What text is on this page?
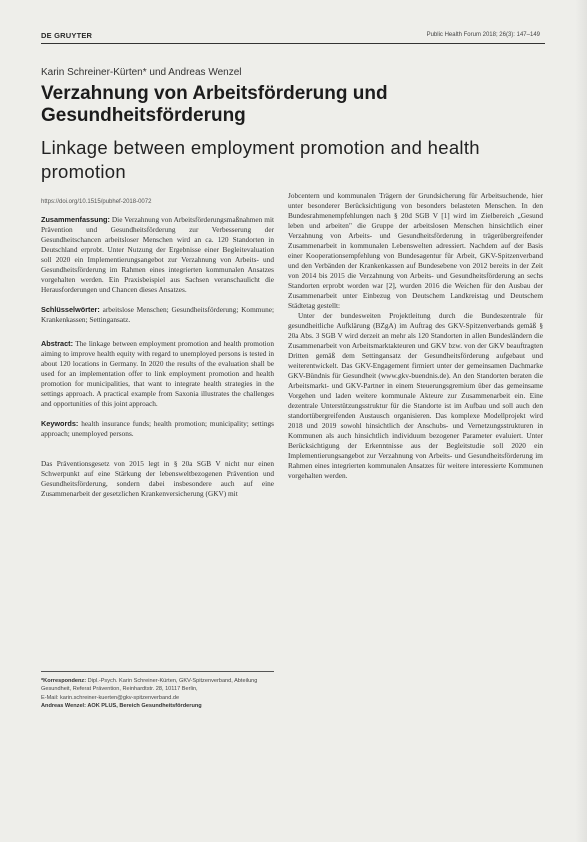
DE GRUYTER	Public Health Forum 2018; 26(3): 147–149
Karin Schreiner-Kürten* und Andreas Wenzel
Verzahnung von Arbeitsförderung und Gesundheitsförderung
Linkage between employment promotion and health promotion
https://doi.org/10.1515/pubhef-2018-0072
Zusammenfassung: Die Verzahnung von Arbeitsförderungsmaßnahmen mit Prävention und Gesundheitsförderung zur Verbesserung der Gesundheitschancen arbeitsloser Menschen wird an ca. 120 Standorten in Deutschland erprobt. Unter Nutzung der Ergebnisse einer Begleitevaluation soll 2020 ein Implementierungsangebot zur Verzahnung von Arbeits- und Gesundheitsförderung im Rahmen eines integrierten kommunalen Ansatzes vorgehalten werden. Ein Praxisbeispiel aus Sachsen veranschaulicht die Herausforderungen und Chancen dieses Ansatzes.
Schlüsselwörter: arbeitslose Menschen; Gesundheitsförderung; Kommune; Krankenkassen; Settingansatz.
Abstract: The linkage between employment promotion and health promotion aiming to improve health equity with regard to unemployed persons is tested in about 120 locations in Germany. In 2020 the results of the evaluation shall be used for an implementation offer to link employment promotion and health promotion for municipalities, that want to integrate health strategies in the settings approach. A practical example from Saxonia illustrates the challenges and opportunities of this joint approach.
Keywords: health insurance funds; health promotion; municipality; settings approach; unemployed persons.
Das Präventionsgesetz von 2015 legt in § 20a SGB V nicht nur einen Schwerpunkt auf eine Stärkung der lebensweltbezogenen Prävention und Gesundheitsförderung, sondern dabei insbesondere auch auf eine Zusammenarbeit der gesetzlichen Krankenversicherung (GKV) mit
*Korrespondenz: Dipl.-Psych. Karin Schreiner-Kürten, GKV-Spitzenverband, Abteilung Gesundheit, Referat Prävention, Reinhardtstr. 28, 10117 Berlin,
E-Mail: karin.schreiner-kuerten@gkv-spitzenverband.de
Andreas Wenzel: AOK PLUS, Bereich Gesundheitsförderung
Jobcentern und kommunalen Trägern der Grundsicherung für Arbeitsuchende, hier unter besonderer Berücksichtigung von besonders belasteten Menschen. In den Bundesrahmenempfehlungen nach § 20d SGB V [1] wird im Zielbereich „Gesund leben und arbeiten" die Gruppe der arbeitslosen Menschen hinsichtlich einer Verzahnung von Arbeits- und Gesundheitsförderung in trägerübergreifender Zusammenarbeit in kommunalen Lebenswelten adressiert. Nachdem auf der Basis einer Kooperationsempfehlung von Bundesagentur für Arbeit, GKV-Spitzenverband und den Verbänden der Krankenkassen auf Bundesebene von 2012 bereits in der Zeit von 2014 bis 2015 die Verzahnung von Arbeits- und Gesundheitsförderung an sechs Standorten erprobt worden war [2], wurden 2016 die Weichen für den Ausbau der Zusammenarbeit unter Einbezug von Deutschem Landkreistag und Deutschem Städtetag gestellt:
Unter der bundesweiten Projektleitung durch die Bundeszentrale für gesundheitliche Aufklärung (BZgA) im Auftrag des GKV-Spitzenverbands gemäß § 20a Abs. 3 SGB V wird derzeit an mehr als 120 Standorten in allen Bundesländern die Zusammenarbeit von Arbeitsmarktakteuren und GKV bzw. von der GKV beauftragten Dritten gemäß dem Settingansatz der Gesundheitsförderung aufgebaut und weiterentwickelt. Das GKV-Engagement firmiert unter der gemeinsamen Dachmarke GKV-Bündnis für Gesundheit (www.gkv-buendnis.de). An den Standorten beraten die Arbeitsmarkt- und GKV-Partner in einem Steuerungsgremium über das gemeinsame Vorgehen und laden weitere kommunale Akteure zur Zusammenarbeit ein. Eine dezentrale Unterstützungsstruktur für die Standorte ist im Aufbau und soll auch den standortübergreifenden Austausch organisieren. Das komplexe Modellprojekt wird 2018 und 2019 sowohl hinsichtlich der Anschubs- und Vernetzungsstrukturen in Kommunen als auch hinsichtlich individuum bezogener Parameter evaluiert. Unter Berücksichtigung der Erkenntnisse aus der Begleitstudie soll 2020 ein Implementierungsangebot zur Verzahnung von Arbeits- und Gesundheitsförderung im Rahmen eines integrierten kommunalen Ansatzes für weitere interessierte Kommunen vorgehalten werden.
